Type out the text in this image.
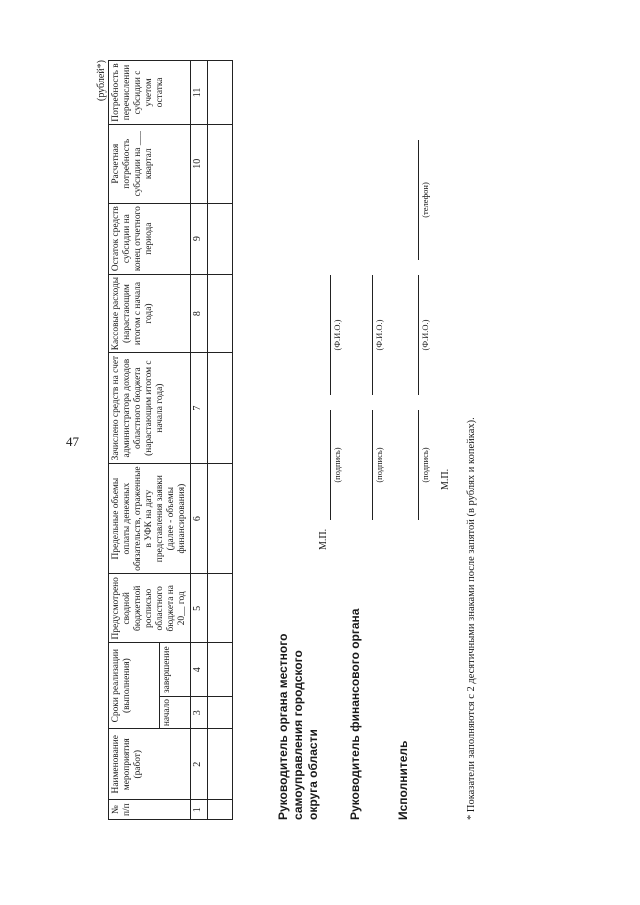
47
(рублей*)
№ п/п	Наименование мероприятия (работ)	Сроки реализации (выполнения)		Предусмотрено сводной бюджетной росписью областного бюджета на 20__ год	Предельные объемы оплаты денежных обязательств, отраженные в УФК на дату представления заявки (далее - объемы финансирования)	Зачислено средств на счет администратора доходов областного бюджета (нарастающим итогом с начала года)	Кассовые расходы (нарастающим итогом с начала года)	Остаток средств субсидии на конец отчетного периода	Расчетная потребность субсидии на ___ квартал	Потребность в перечислении субсидии с учетом остатка
		начало	завершение							
1	2	3	4	5	6	7	8	9	10	11

Руководитель органа местного самоуправления городского округа области
М.П.
(подпись)
(Ф.И.О.)
Руководитель финансового органа
(подпись)
(Ф.И.О.)
Исполнитель
(подпись)
(Ф.И.О.)
(телефон)
М.П. * Показатели заполняются с 2 десятичными знаками после запятой (в рублях и копейках).
